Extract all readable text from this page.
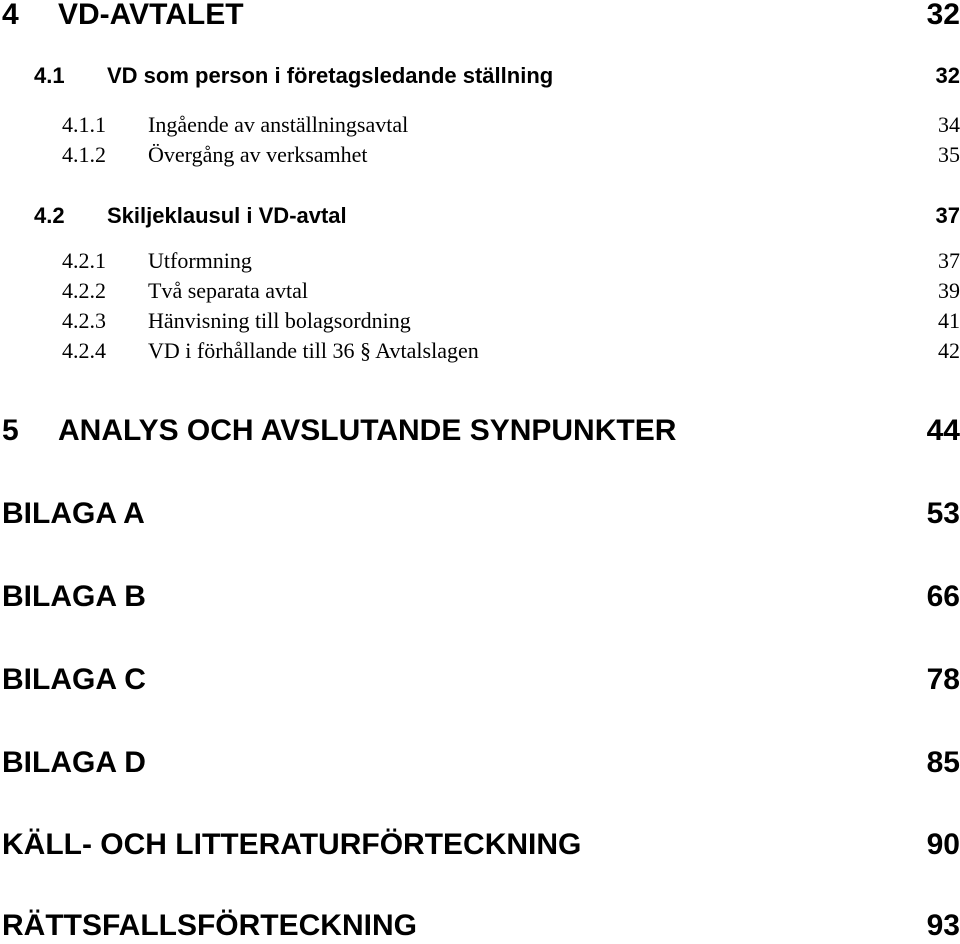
4	VD-AVTALET	32
4.1	VD som person i företagsledande ställning	32
4.1.1	Ingående av anställningsavtal	34
4.1.2	Övergång av verksamhet	35
4.2	Skiljeklausul i VD-avtal	37
4.2.1	Utformning	37
4.2.2	Två separata avtal	39
4.2.3	Hänvisning till bolagsordning	41
4.2.4	VD i förhållande till 36 § Avtalslagen	42
5	ANALYS OCH AVSLUTANDE SYNPUNKTER	44
BILAGA A	53
BILAGA B	66
BILAGA C	78
BILAGA D	85
KÄLL- OCH LITTERATURFÖRTECKNING	90
RÄTTSFALLSFÖRTECKNING	93
